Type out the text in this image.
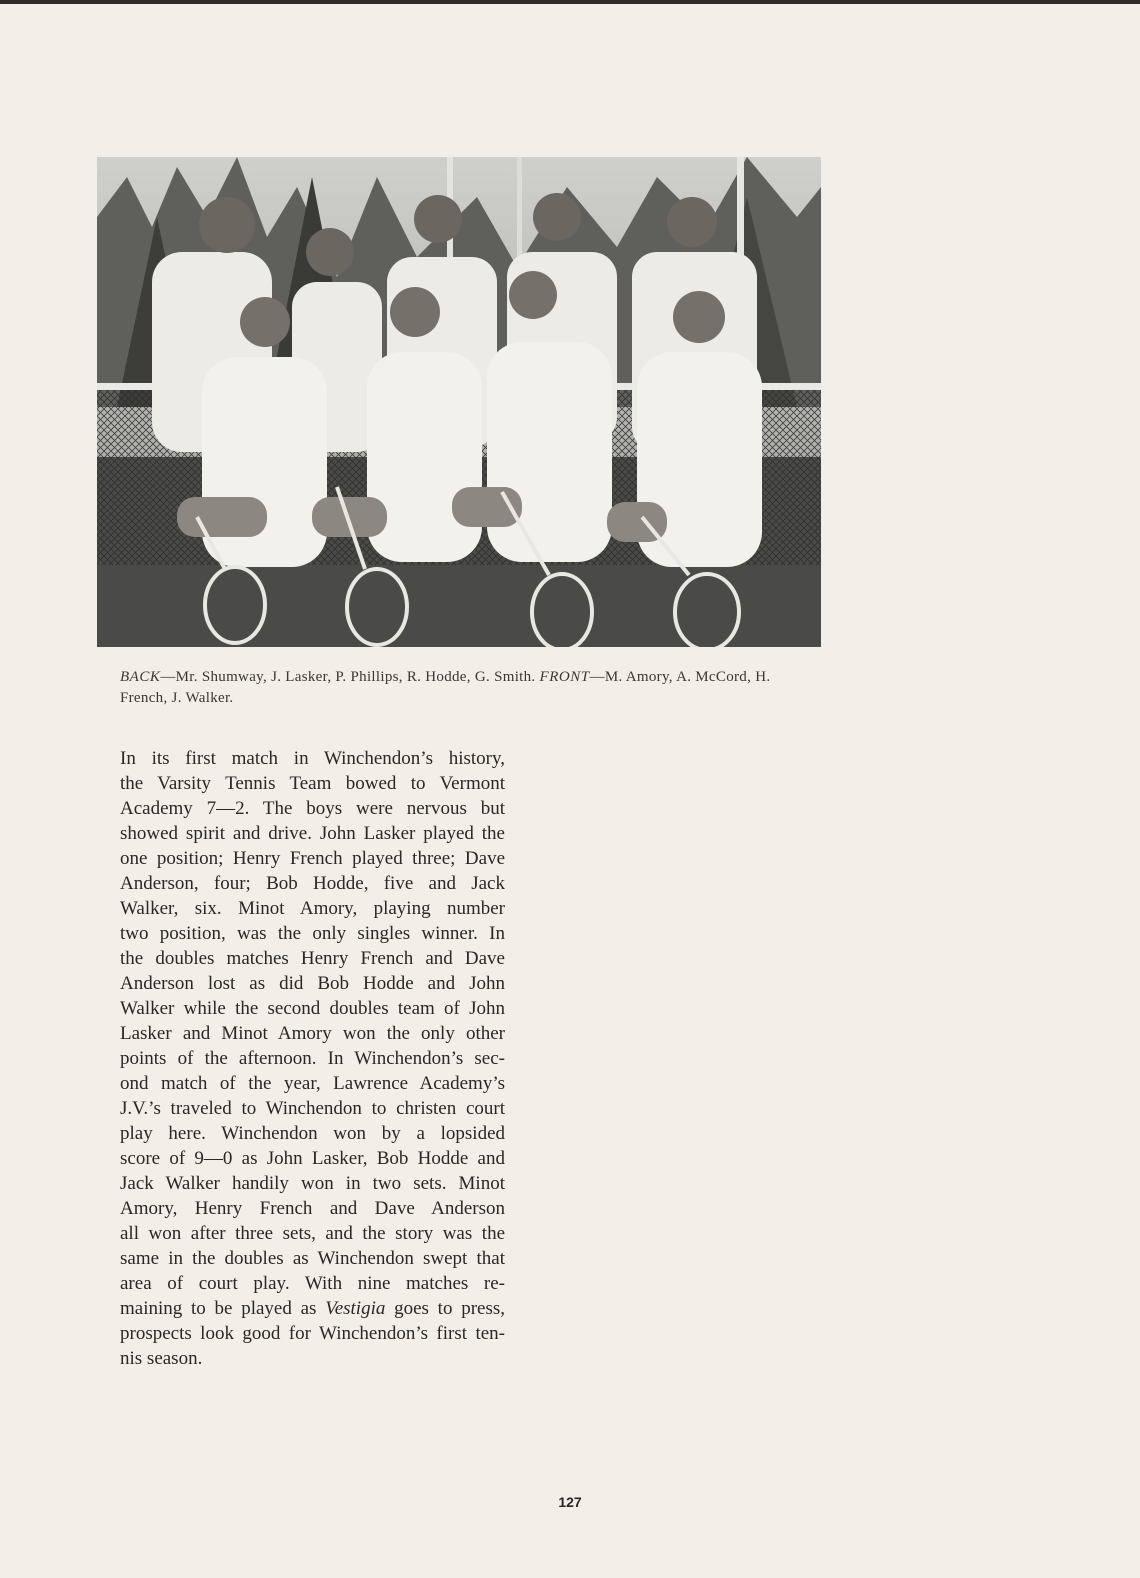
BACK—Mr. Shumway, J. Lasker, P. Phillips, R. Hodde, G. Smith. FRONT—M. Amory, A. McCord, H. French, J. Walker.

In its first match in Winchendon’s history,
the Varsity Tennis Team bowed to Vermont
Academy 7—2. The boys were nervous but
showed spirit and drive. John Lasker played the
one position; Henry French played three; Dave
Anderson, four; Bob Hodde, five and Jack
Walker, six. Minot Amory, playing number
two position, was the only singles winner. In
the doubles matches Henry French and Dave
Anderson lost as did Bob Hodde and John
Walker while the second doubles team of John
Lasker and Minot Amory won the only other
points of the afternoon. In Winchendon’s sec-
ond match of the year, Lawrence Academy’s
J.V.’s traveled to Winchendon to christen court
play here. Winchendon won by a lopsided
score of 9—0 as John Lasker, Bob Hodde and
Jack Walker handily won in two sets. Minot
Amory, Henry French and Dave Anderson
all won after three sets, and the story was the
same in the doubles as Winchendon swept that
area of court play. With nine matches re-

maining to be played as Vestigia goes to press,
prospects look good for Winchendon’s first ten-
nis season.
127
